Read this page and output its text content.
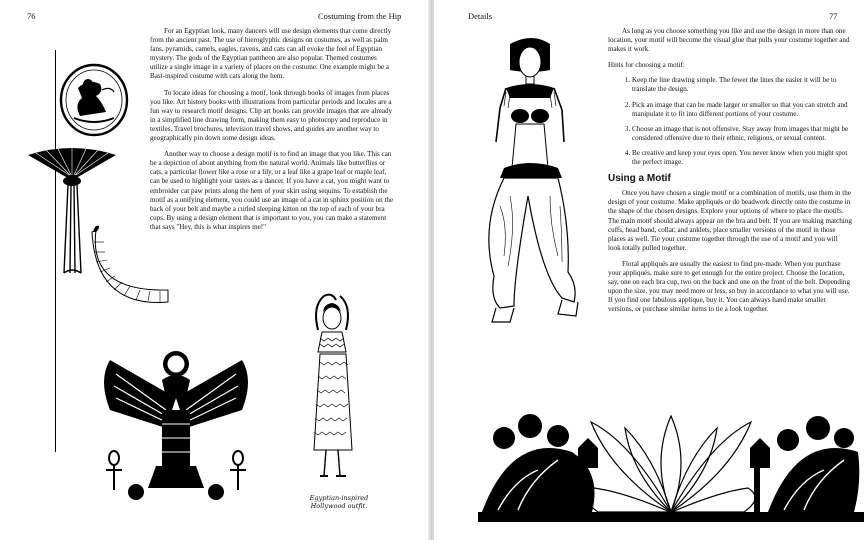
76	Costuming from the Hip

For an Egyptian look, many dancers will use design elements that come directly from the ancient past. The use of hieroglyphic designs on costumes, as well as palm fans, pyramids, camels, eagles, ravens, and cats can all evoke the feel of Egyptian mystery. The gods of the Egyptian pantheon are also popular. Themed costumes utilize a single image in a variety of places on the costume. One example might be a Bast-inspired costume with cats along the hem.

To locate ideas for choosing a motif, look through books of images from places you like. Art history books with illustrations from particular periods and locales are a fun way to research motif designs. Clip art books can provide images that are already in a simplified line drawing form, making them easy to photocopy and reproduce in textiles. Travel brochures, television travel shows, and guides are another way to geographically pin down some design ideas.

Another way to choose a design motif is to find an image that you like. This can be a depiction of about anything from the natural world. Animals like butterflies or cats, a particular flower like a rose or a lily, or a leaf like a grape leaf or maple leaf, can be used to highlight your tastes as a dancer. If you have a cat, you might want to embroider cat paw prints along the hem of your skirt using sequins. To establish the motif as a unifying element, you could use an image of a cat in sphinx position on the back of your belt and maybe a curled sleeping kitten on the top of each of your bra cups. By using a design element that is important to you, you can make a statement that says "Hey, this is what inspires me!"

Egyptian-inspired
Hollywood outfit.
Details	77

As long as you choose something you like and use the design in more than one location, your motif will become the visual glue that pulls your costume together and makes it work.

Hints for choosing a motif:
1. Keep the line drawing simple. The fewer the lines the easier it will be to translate the design.
2. Pick an image that can be made larger or smaller so that you can stretch and manipulate it to fit into different portions of your costume.
3. Choose an image that is not offensive. Stay away from images that might be considered offensive due to their ethnic, religious, or sexual content.
4. Be creative and keep your eyes open. You never know when you might spot the perfect image.
Using a Motif

Once you have chosen a single motif or a combination of motifs, use them in the design of your costume. Make appliqués or do beadwork directly onto the costume in the shape of the chosen designs. Explore your options of where to place the motifs. The main motif should always appear on the bra and belt. If you are making matching cuffs, head band, collar, and anklets, place smaller versions of the motif in those places as well. Tie your costume together through the use of a motif and you will look totally pulled together.

Floral appliqués are usually the easiest to find pre-made. When you purchase your appliqués, make sure to get enough for the entire project. Choose the location, say, one on each bra cup, two on the back and one on the front of the belt. Depending upon the size, you may need more or less, so buy in accordance to what you will use. If you find one fabulous applique, buy it. You can always hand make smaller versions, or purchase similar items to tie a look together.
